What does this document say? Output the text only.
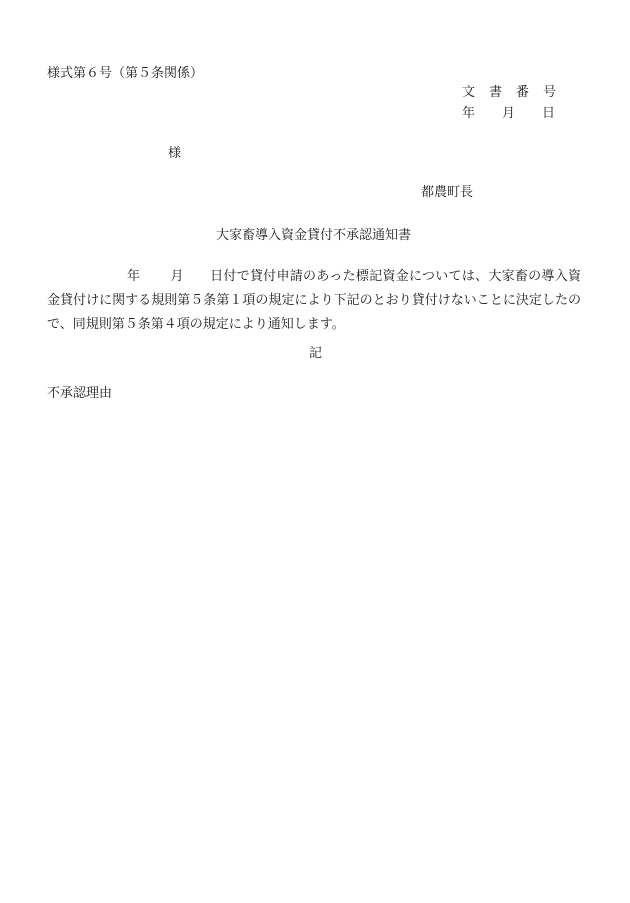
様式第６号（第５条関係）
文 書 番 号
年 月 日
様
都農町長
大家畜導入資金貸付不承認通知書
年 月 日付で貸付申請のあった標記資金については、大家畜の導入資金貸付けに関する規則第５条第１項の規定により下記のとおり貸付けないことに決定したので、同規則第５条第４項の規定により通知します。
記
不承認理由
